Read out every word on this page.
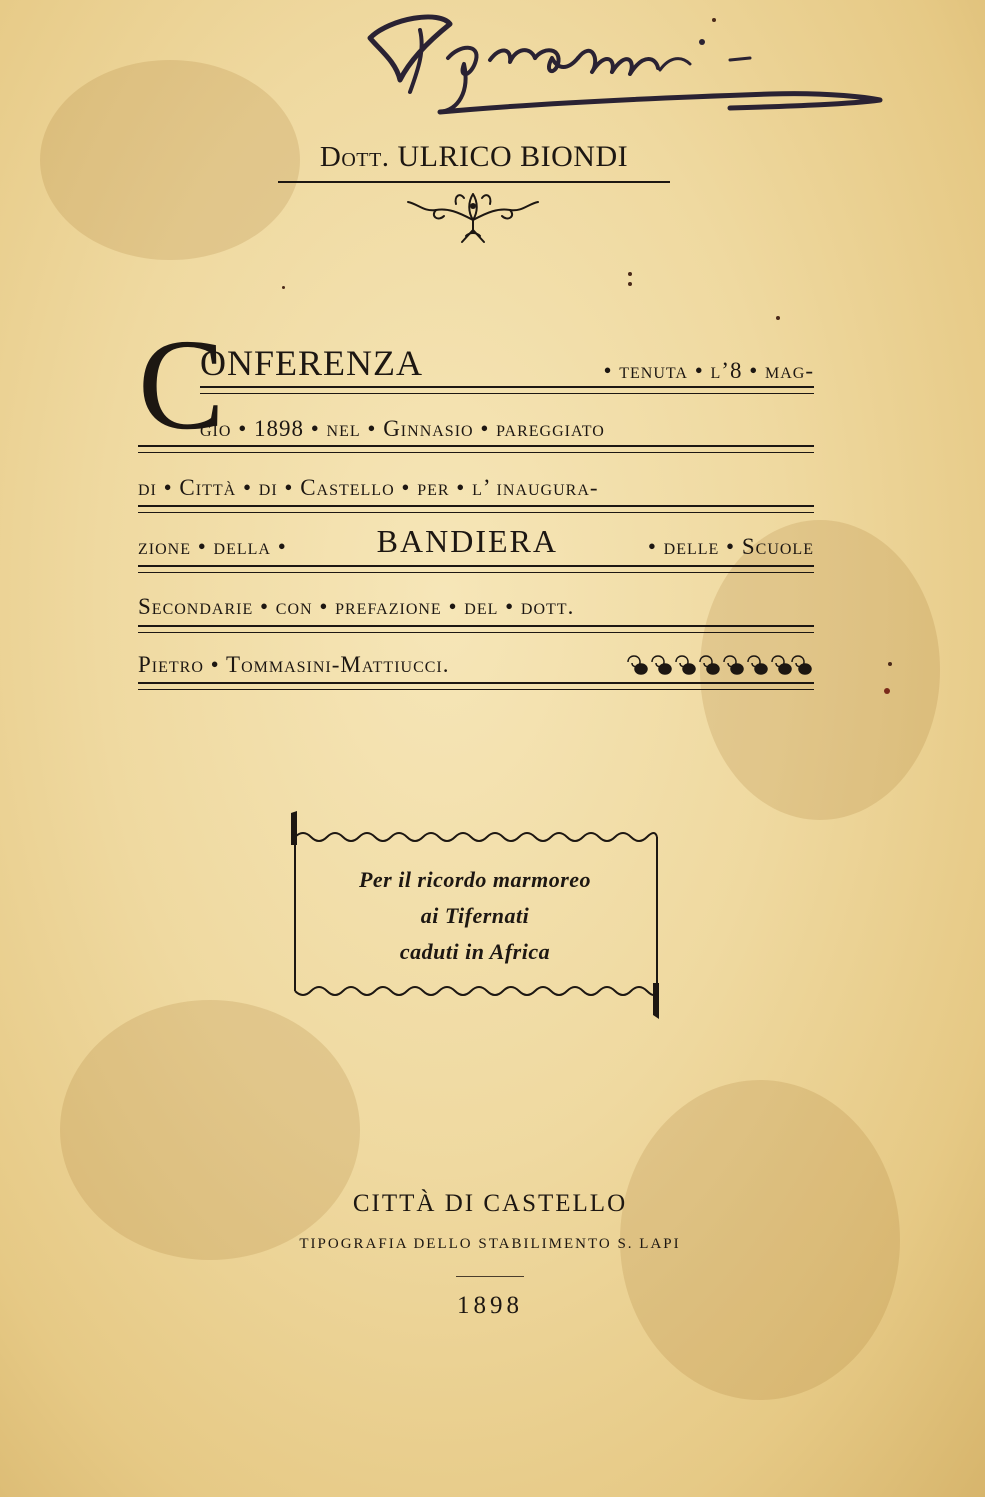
Dott. ULRICO BIONDI
C
ONFERENZA	• tenuta • l’8 • mag-
gio • 1898 • nel • Ginnasio • pareggiato
di • Città • di • Castello • per • l’ inaugura-
zione • della •	BANDIERA	• delle • Scuole
Secondarie • con • prefazione • del • dott.
Pietro • Tommasini-Mattiucci.
Per il ricordo marmoreo
ai Tifernati
caduti in Africa
CITTÀ DI CASTELLO
TIPOGRAFIA DELLO STABILIMENTO S. LAPI
1898
